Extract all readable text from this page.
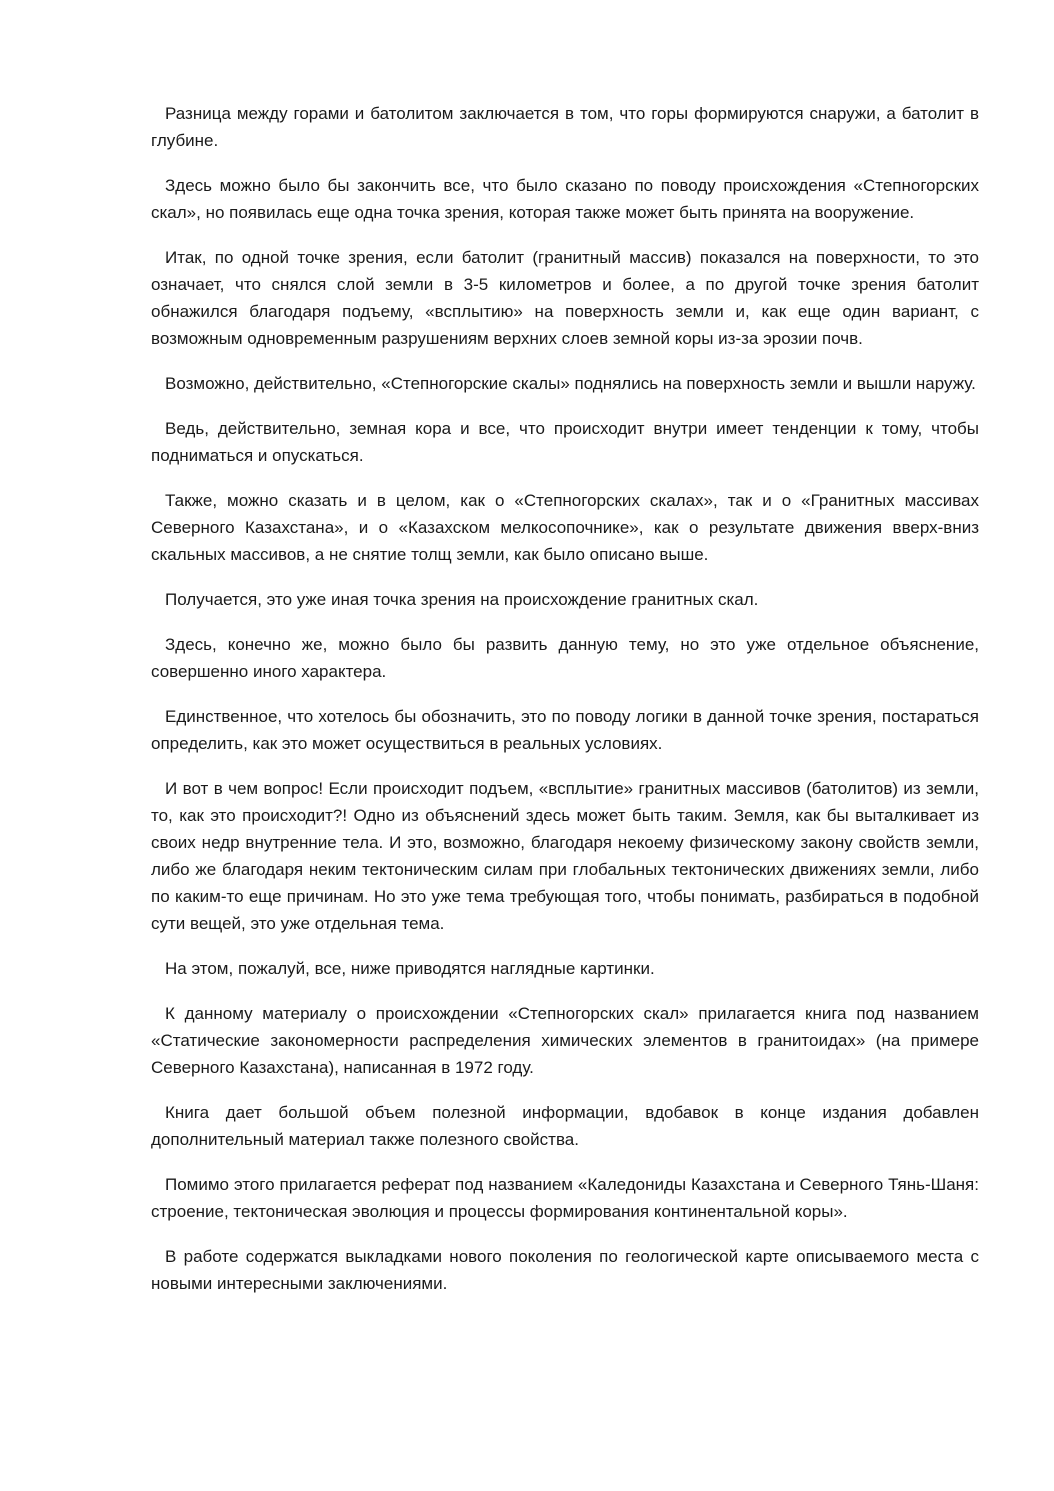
Разница между горами и батолитом заключается в том, что горы формируются снаружи, а батолит в глубине.

Здесь можно было бы закончить все, что было сказано по поводу происхождения «Степногорских скал», но появилась еще одна точка зрения, которая также может быть принята на вооружение.

Итак, по одной точке зрения, если батолит (гранитный массив) показался на поверхности, то это означает, что снялся слой земли в 3-5 километров и более, а по другой точке зрения батолит обнажился благодаря подъему, «всплытию» на поверхность земли и, как еще один вариант, с возможным одновременным разрушениям верхних слоев земной коры из-за эрозии почв.

Возможно, действительно, «Степногорские скалы» поднялись на поверхность земли и вышли наружу.

Ведь, действительно, земная кора и все, что происходит внутри имеет тенденции к тому, чтобы подниматься и опускаться.

Также, можно сказать и в целом, как о «Степногорских скалах», так и о «Гранитных массивах Северного Казахстана», и о «Казахском мелкосопочнике», как о результате движения вверх-вниз скальных массивов, а не снятие толщ земли, как было описано выше.

Получается, это уже иная точка зрения на происхождение гранитных скал.

Здесь, конечно же, можно было бы развить данную тему, но это уже отдельное объяснение, совершенно иного характера.

Единственное, что хотелось бы обозначить, это по поводу логики в данной точке зрения, постараться определить, как это может осуществиться в реальных условиях.

И вот в чем вопрос! Если происходит подъем, «всплытие» гранитных массивов (батолитов) из земли, то, как это происходит?! Одно из объяснений здесь может быть таким. Земля, как бы выталкивает из своих недр внутренние тела. И это, возможно, благодаря некоему физическому закону свойств земли, либо же благодаря неким тектоническим силам при глобальных тектонических движениях земли, либо по каким-то еще причинам. Но это уже тема требующая того, чтобы понимать, разбираться в подобной сути вещей, это уже отдельная тема.

На этом, пожалуй, все, ниже приводятся наглядные картинки.

К данному материалу о происхождении «Степногорских скал» прилагается книга под названием «Статические закономерности распределения химических элементов в гранитоидах» (на примере Северного Казахстана), написанная в 1972 году.

Книга дает большой объем полезной информации, вдобавок в конце издания добавлен дополнительный материал также полезного свойства.

Помимо этого прилагается реферат под названием «Каледониды Казахстана и Северного Тянь-Шаня: строение, тектоническая эволюция и процессы формирования континентальной коры».

В работе содержатся выкладками нового поколения по геологической карте описываемого места с новыми интересными заключениями.
